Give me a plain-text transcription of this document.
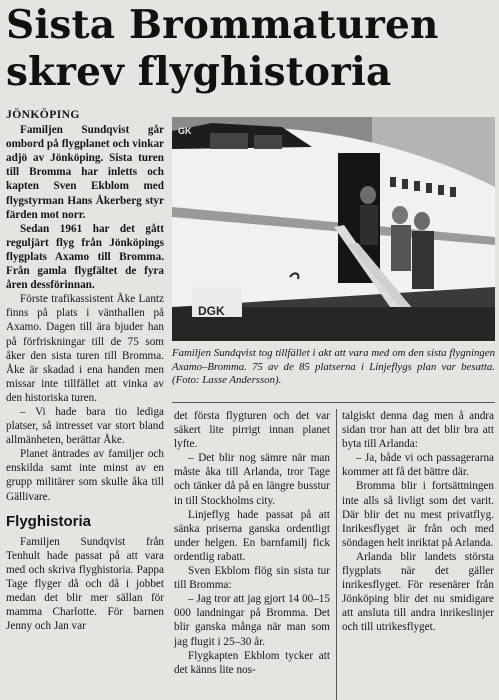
Sista Brommaturen skrev flyghistoria
JÖNKÖPING

Familjen Sundqvist går ombord på flygplanet och vinkar adjö av Jönköping. Sista turen till Bromma har inletts och kapten Sven Ekblom med flygstyrman Hans Åkerberg styr färden mot norr.

Sedan 1961 har det gått reguljärt flyg från Jönköpings flygplats Axamo till Bromma. Från gamla flygfältet de fyra åren dessförinnan.

Förste trafikassistent Åke Lantz finns på plats i vänthallen på Axamo. Dagen till ära bjuder han på förfriskningar till de 75 som åker den sista turen till Bromma. Åke är skadad i ena handen men missar inte tillfället att vinka av den historiska turen.

– Vi hade bara tio lediga platser, så intresset var stort bland allmänheten, berättar Åke.

Planet äntrades av familjer och enskilda samt inte minst av en grupp militärer som skulle åka till Gällivare.

Flyghistoria

Familjen Sundqvist från Tenhult hade passat på att vara med och skriva flyghistoria. Pappa Tage flyger då och då i jobbet medan det blir mer sällan för mamma Charlotte. För barnen Jenny och Jan var

DGK
GK

Familjen Sundqvist tog tillfället i akt att vara med om den sista flygningen Axamo–Bromma. 75 av de 85 platserna i Linjeflygs plan var besatta. (Foto: Lasse Andersson).

det första flygturen och det var säkert lite pirrigt innan planet lyfte.

– Det blir nog sämre när man måste åka till Arlanda, tror Tage och tänker då på en längre busstur in till Stockholms city.

Linjeflyg hade passat på att sänka priserna ganska ordentligt under helgen. En barnfamilj fick ordentlig rabatt.

Sven Ekblom flög sin sista tur till Bromma:

– Jag tror att jag gjort 14 00–15 000 landningar på Bromma. Det blir ganska många när man som jag flugit i 25–30 år.

Flygkapten Ekblom tycker att det känns lite nos-

talgiskt denna dag men å andra sidan tror han att det blir bra att byta till Arlanda:

– Ja, både vi och passagerarna kommer att få det bättre där.

Bromma blir i fortsättningen inte alls så livligt som det varit. Där blir det nu mest privatflyg. Inrikesflyget är från och med söndagen helt inriktat på Arlanda.

Arlanda blir landets största flygplats när det gäller inrikesflyget. För resenärer från Jönköping blir det nu smidigare att ansluta till andra inrikeslinjer och till utrikesflyget.
